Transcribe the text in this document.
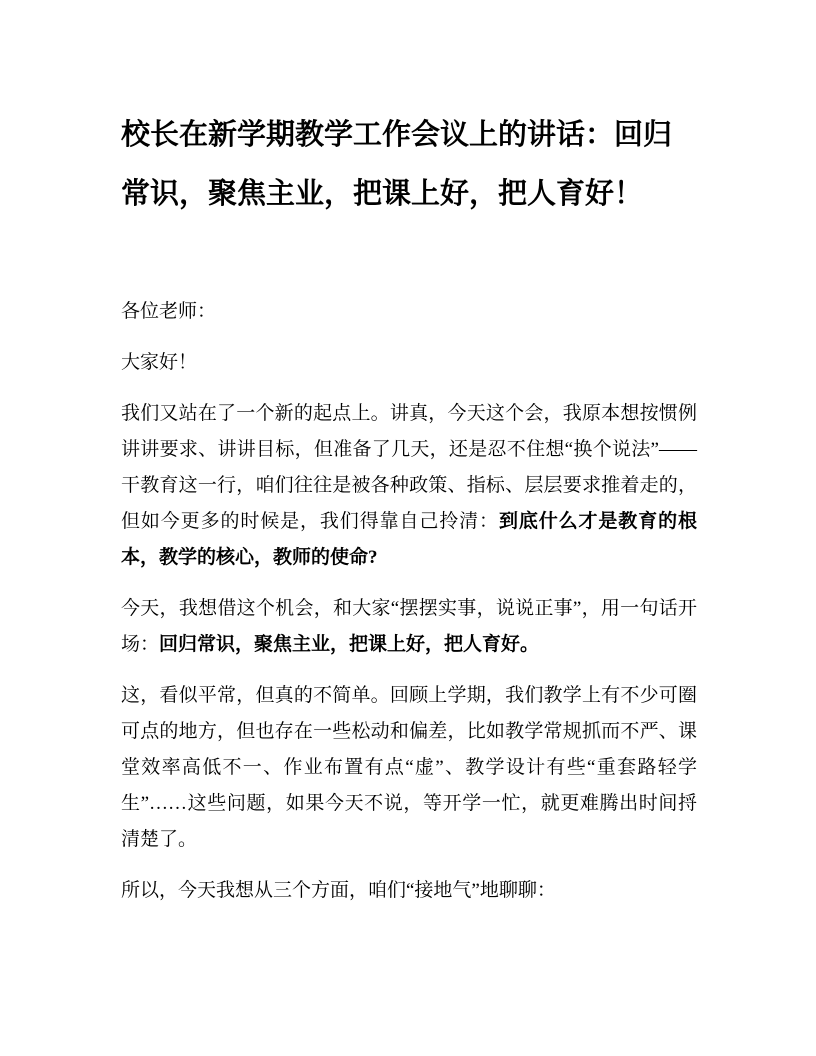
校长在新学期教学工作会议上的讲话：回归
常识，聚焦主业，把课上好，把人育好！

各位老师：

大家好！

我们又站在了一个新的起点上。讲真，今天这个会，我原本想按惯例讲讲要求、讲讲目标，但准备了几天，还是忍不住想“换个说法”——干教育这一行，咱们往往是被各种政策、指标、层层要求推着走的，但如今更多的时候是，我们得靠自己拎清：到底什么才是教育的根本，教学的核心，教师的使命?

今天，我想借这个机会，和大家“摆摆实事，说说正事”，用一句话开场：回归常识，聚焦主业，把课上好，把人育好。

这，看似平常，但真的不简单。回顾上学期，我们教学上有不少可圈可点的地方，但也存在一些松动和偏差，比如教学常规抓而不严、课堂效率高低不一、作业布置有点“虚”、教学设计有些“重套路轻学生”……这些问题，如果今天不说，等开学一忙，就更难腾出时间捋清楚了。

所以，今天我想从三个方面，咱们“接地气”地聊聊：
